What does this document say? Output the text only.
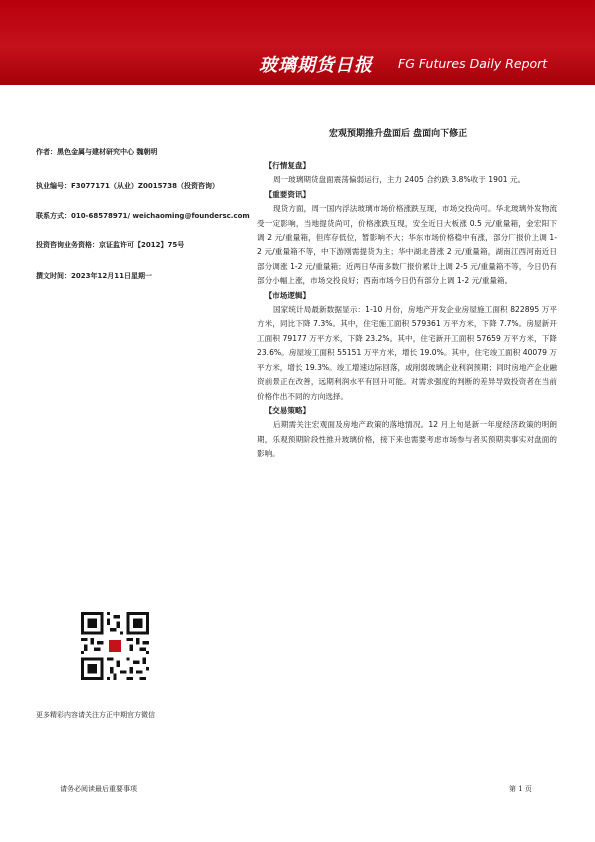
玻璃期货日报 FG Futures Daily Report
宏观预期推升盘面后 盘面向下修正
作者：黑色金属与建材研究中心 魏朝明
执业编号：F3077171（从业）Z0015738（投资咨询）
联系方式：010-68578971/ weichaoming@foundersc.com
投资咨询业务资格：京证监许可【2012】75号
撰文时间：2023年12月11日星期一
【行情复盘】

周一玻璃期货盘面震荡偏弱运行，主力 2405 合约跌 3.8%收于 1901 元。

【重要资讯】

现货方面，周一国内浮法玻璃市场价格涨跌互现，市场交投尚可。华北玻璃外发物流受一定影响，当地提货尚可，价格涨跌互现，安全近日大板涨 0.5 元/重量箱，金宏阳下调 2 元/重量箱，但库存低位，暂影响不大；华东市场价格稳中有涨，部分厂报价上调 1-2 元/重量箱不等，中下游刚需提货为主；华中湖北普涨 2 元/重量箱，湖南江西河南近日部分调涨 1-2 元/重量箱；近两日华南多数厂报价累计上调 2-5 元/重量箱不等，今日仍有部分小幅上涨，市场交投良好；西南市场今日仍有部分上调 1-2 元/重量箱。

【市场逻辑】

国家统计局最新数据显示：1-10 月份，房地产开发企业房屋施工面积 822895 万平方米，同比下降 7.3%。其中，住宅施工面积 579361 万平方米，下降 7.7%。房屋新开工面积 79177 万平方米，下降 23.2%。其中，住宅新开工面积 57659 万平方米，下降 23.6%。房屋竣工面积 55151 万平方米，增长 19.0%。其中，住宅竣工面积 40079 万平方米，增长 19.3%。竣工增速边际回落，或削弱玻璃企业利润预期；同时房地产企业融资前景正在改善，远期利润水平有回升可能。对需求强度的判断的差异导致投资者在当前价格作出不同的方向选择。

【交易策略】

后期需关注宏观面及房地产政策的落地情况。12 月上旬是新一年度经济政策的明朗期，乐观预期阶段性推升玻璃价格，接下来也需要考虑市场参与者买预期卖事实对盘面的影响。

更多精彩内容请关注方正中期官方微信
请务必阅读最后重要事项	第 1 页
